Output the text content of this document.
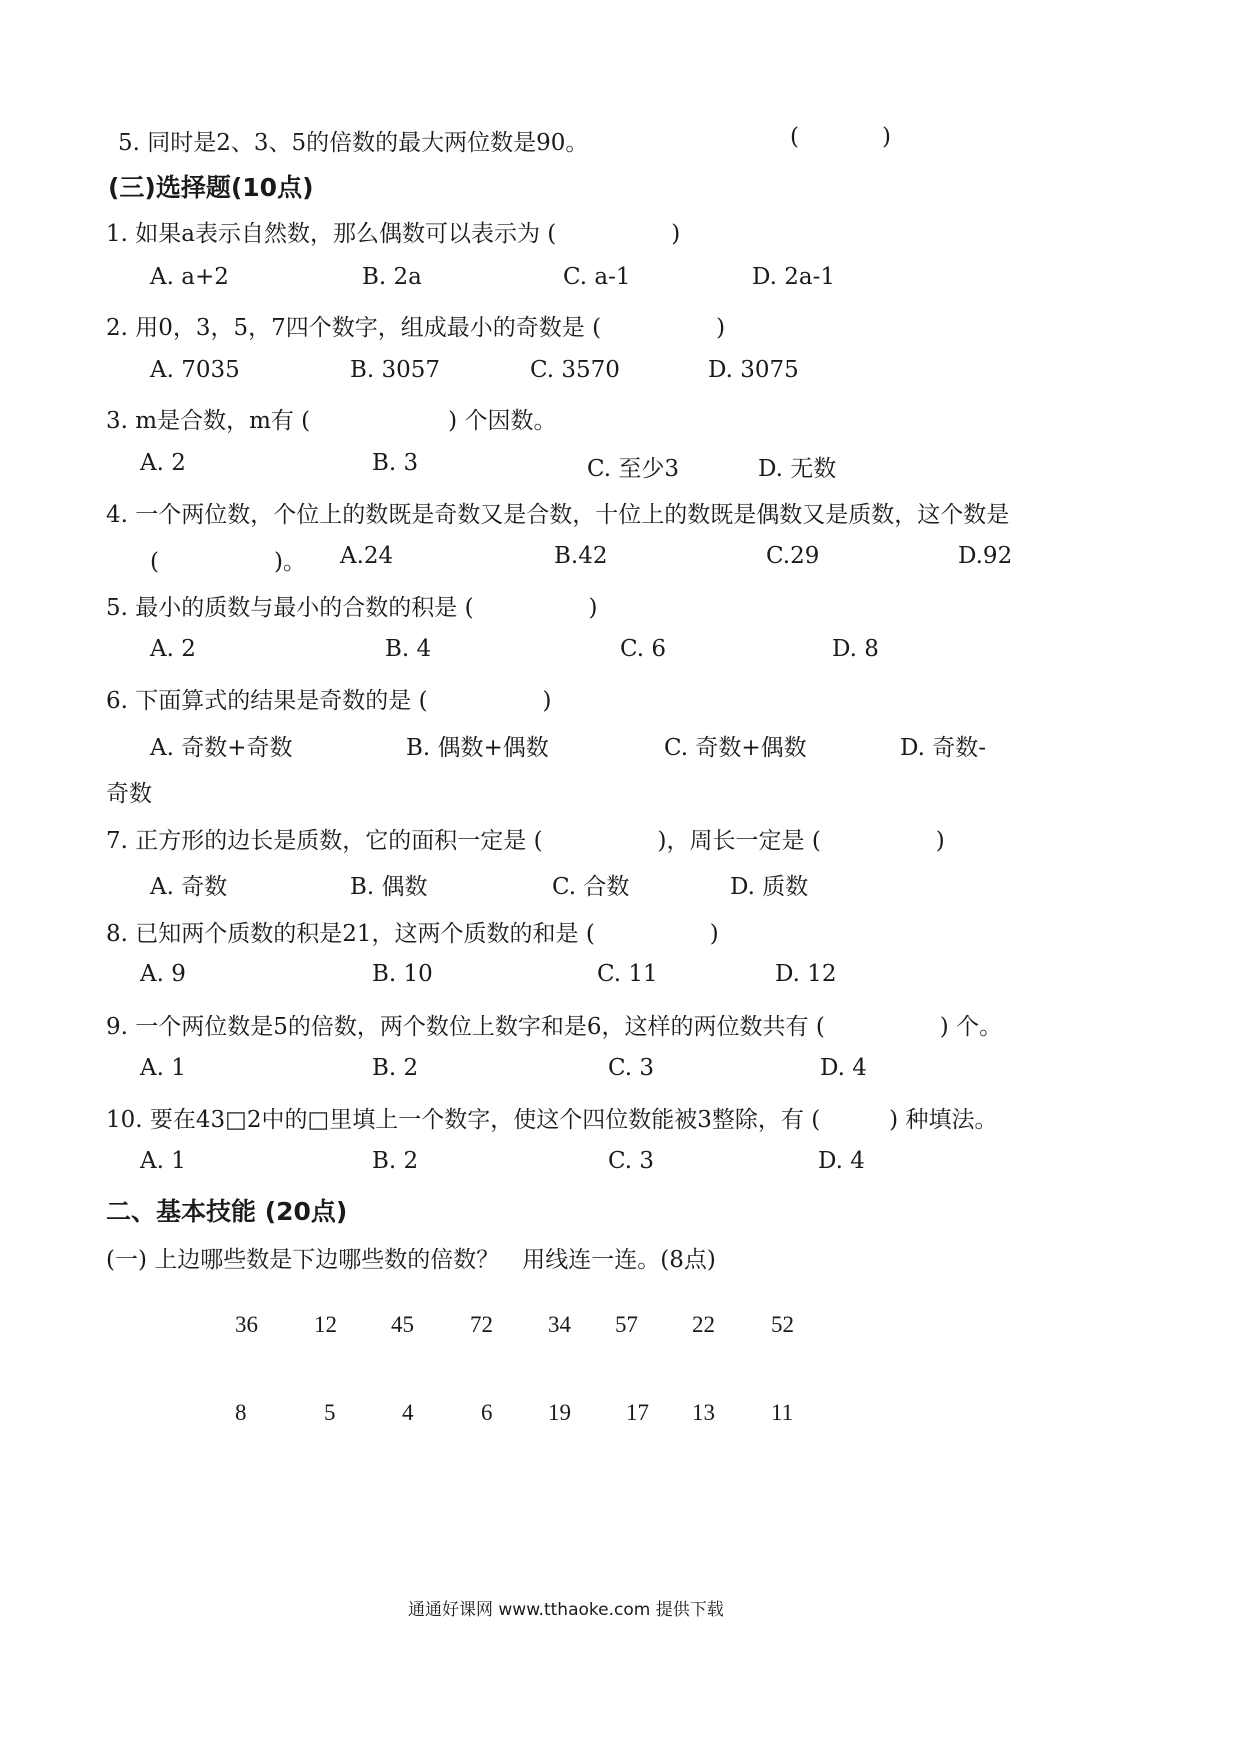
5. 同时是2、3、5的倍数的最大两位数是90。	(	)
(三)选择题(10点)
1. 如果a表示自然数，那么偶数可以表示为 (　　　　　)
A. a+2	B. 2a	C. a-1	D. 2a-1
2. 用0，3，5，7四个数字，组成最小的奇数是 (　　　　　)
A. 7035	B. 3057	C. 3570	D. 3075
3. m是合数，m有 (　　　　　　) 个因数。
A. 2	B. 3	C. 至少3	D. 无数
4. 一个两位数，个位上的数既是奇数又是合数，十位上的数既是偶数又是质数，这个数是
(　　　　　)。 A.24	B.42	C.29	D.92
5. 最小的质数与最小的合数的积是 (　　　　　)
A. 2	B. 4	C. 6	D. 8
6. 下面算式的结果是奇数的是 (　　　　　)
A. 奇数+奇数	B. 偶数+偶数	C. 奇数+偶数	D. 奇数-
奇数
7. 正方形的边长是质数，它的面积一定是 (　　　　　)，周长一定是 (　　　　　)
A. 奇数	B. 偶数	C. 合数	D. 质数
8. 已知两个质数的积是21，这两个质数的和是 (　　　　　)
A. 9	B. 10	C. 11	D. 12
9. 一个两位数是5的倍数，两个数位上数字和是6，这样的两位数共有 (　　　　　) 个。
A. 1	B. 2	C. 3	D. 4
10. 要在43□2中的□里填上一个数字，使这个四位数能被3整除，有 (　　　) 种填法。
A. 1	B. 2	C. 3	D. 4
二、基本技能 (20点)
(一) 上边哪些数是下边哪些数的倍数？　用线连一连。(8点)
36 12 45 72 34 57 22 52
8	5	4	6 19 17 13 11
通通好课网 www.tthaoke.com 提供下载
